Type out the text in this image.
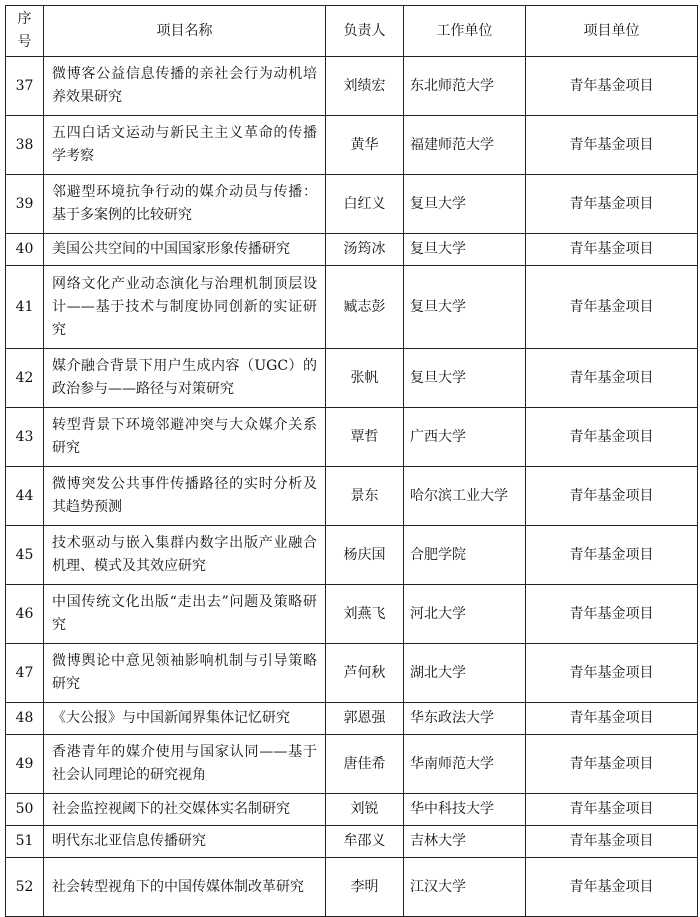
序号	项目名称	负责人	工作单位	项目单位
37	微博客公益信息传播的亲社会行为动机培养效果研究	刘绩宏	东北师范大学	青年基金项目
38	五四白话文运动与新民主主义革命的传播学考察	黄华	福建师范大学	青年基金项目
39	邻避型环境抗争行动的媒介动员与传播：基于多案例的比较研究	白红义	复旦大学	青年基金项目
40	美国公共空间的中国国家形象传播研究	汤筠冰	复旦大学	青年基金项目
41	网络文化产业动态演化与治理机制顶层设计——基于技术与制度协同创新的实证研究	臧志彭	复旦大学	青年基金项目
42	媒介融合背景下用户生成内容（UGC）的政治参与——路径与对策研究	张帆	复旦大学	青年基金项目
43	转型背景下环境邻避冲突与大众媒介关系研究	覃哲	广西大学	青年基金项目
44	微博突发公共事件传播路径的实时分析及其趋势预测	景东	哈尔滨工业大学	青年基金项目
45	技术驱动与嵌入集群内数字出版产业融合机理、模式及其效应研究	杨庆国	合肥学院	青年基金项目
46	中国传统文化出版“走出去”问题及策略研究	刘燕飞	河北大学	青年基金项目
47	微博舆论中意见领袖影响机制与引导策略研究	芦何秋	湖北大学	青年基金项目
48	《大公报》与中国新闻界集体记忆研究	郭恩强	华东政法大学	青年基金项目
49	香港青年的媒介使用与国家认同——基于社会认同理论的研究视角	唐佳希	华南师范大学	青年基金项目
50	社会监控视阈下的社交媒体实名制研究	刘锐	华中科技大学	青年基金项目
51	明代东北亚信息传播研究	牟邵义	吉林大学	青年基金项目
52	社会转型视角下的中国传媒体制改革研究	李明	江汉大学	青年基金项目
